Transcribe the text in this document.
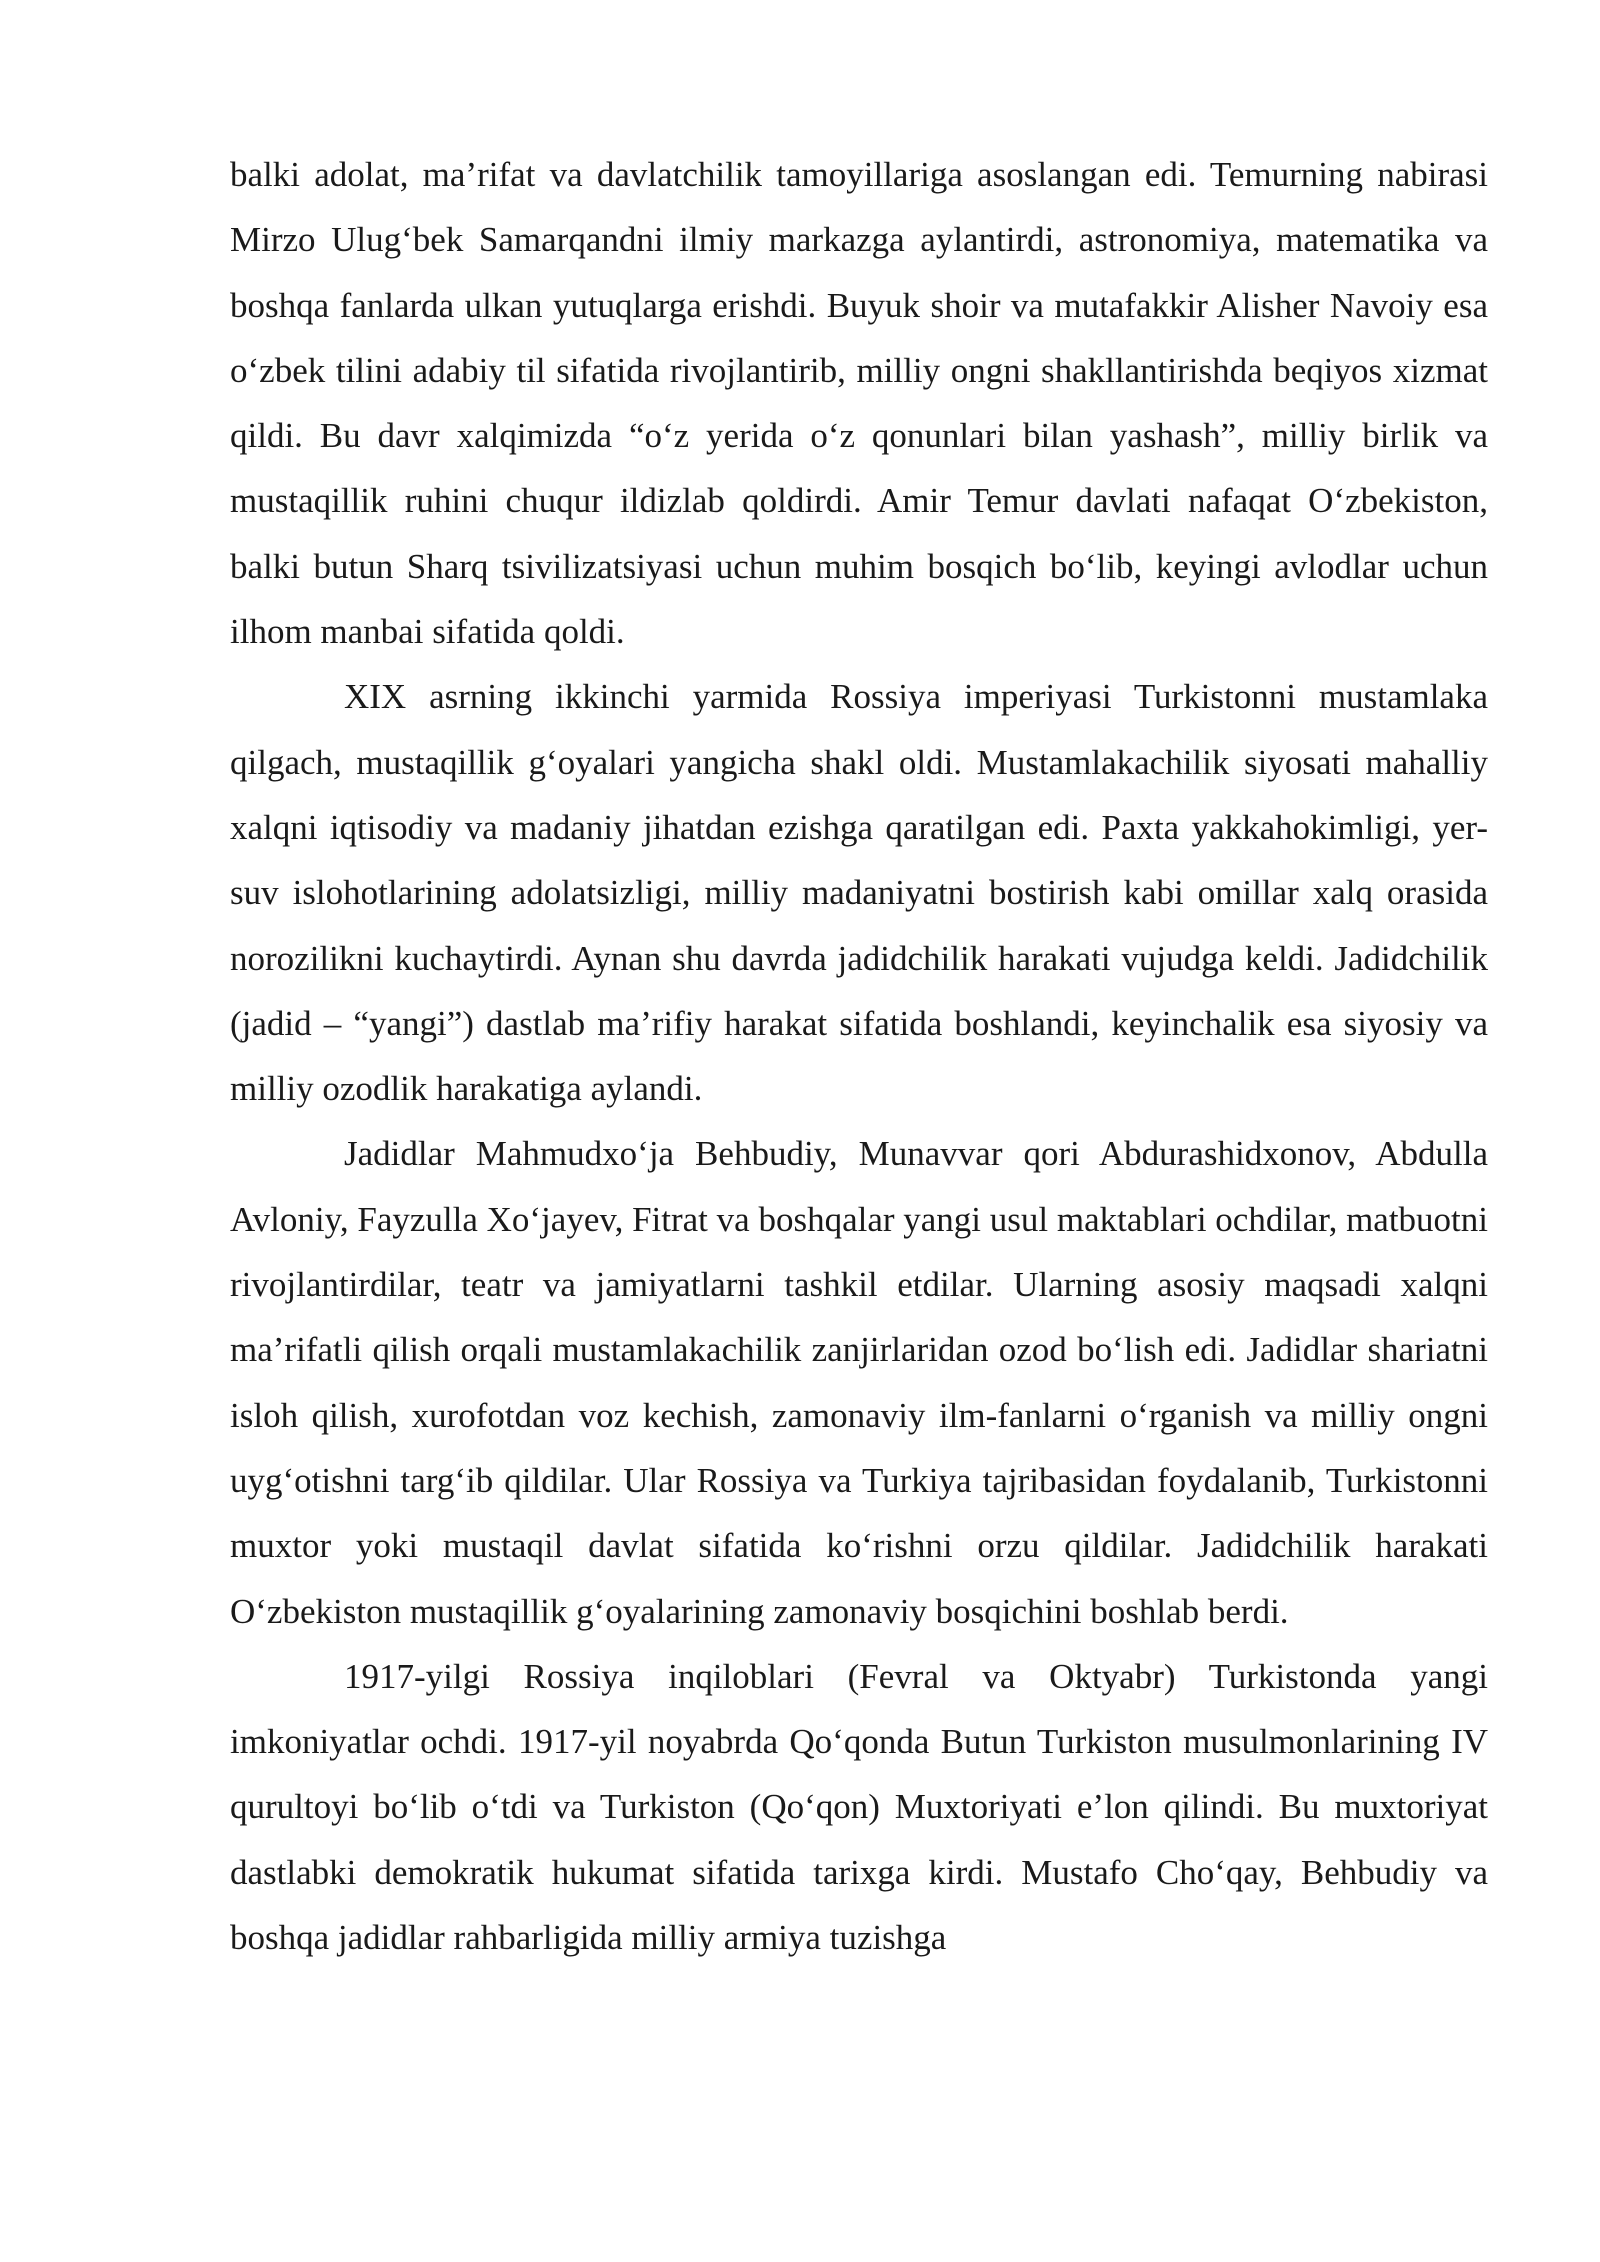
balki adolat, ma’rifat va davlatchilik tamoyillariga asoslangan edi. Temurning nabirasi Mirzo Ulug‘bek Samarqandni ilmiy markazga aylantirdi, astronomiya, matematika va boshqa fanlarda ulkan yutuqlarga erishdi. Buyuk shoir va mutafakkir Alisher Navoiy esa o‘zbek tilini adabiy til sifatida rivojlantirib, milliy ongni shakllantirishda beqiyos xizmat qildi. Bu davr xalqimizda “o‘z yerida o‘z qonunlari bilan yashash”, milliy birlik va mustaqillik ruhini chuqur ildizlab qoldirdi. Amir Temur davlati nafaqat O‘zbekiston, balki butun Sharq tsivilizatsiyasi uchun muhim bosqich bo‘lib, keyingi avlodlar uchun ilhom manbai sifatida qoldi.

XIX asrning ikkinchi yarmida Rossiya imperiyasi Turkistonni mustamlaka qilgach, mustaqillik g‘oyalari yangicha shakl oldi. Mustamlakachilik siyosati mahalliy xalqni iqtisodiy va madaniy jihatdan ezishga qaratilgan edi. Paxta yakkahokimligi, yer-suv islohotlarining adolatsizligi, milliy madaniyatni bostirish kabi omillar xalq orasida norozilikni kuchaytirdi. Aynan shu davrda jadidchilik harakati vujudga keldi. Jadidchilik (jadid – “yangi”) dastlab ma’rifiy harakat sifatida boshlandi, keyinchalik esa siyosiy va milliy ozodlik harakatiga aylandi.

Jadidlar Mahmudxo‘ja Behbudiy, Munavvar qori Abdurashidxonov, Abdulla Avloniy, Fayzulla Xo‘jayev, Fitrat va boshqalar yangi usul maktablari ochdilar, matbuotni rivojlantirdilar, teatr va jamiyatlarni tashkil etdilar. Ularning asosiy maqsadi xalqni ma’rifatli qilish orqali mustamlakachilik zanjirlaridan ozod bo‘lish edi. Jadidlar shariatni isloh qilish, xurofotdan voz kechish, zamonaviy ilm-fanlarni o‘rganish va milliy ongni uyg‘otishni targ‘ib qildilar. Ular Rossiya va Turkiya tajribasidan foydalanib, Turkistonni muxtor yoki mustaqil davlat sifatida ko‘rishni orzu qildilar. Jadidchilik harakati O‘zbekiston mustaqillik g‘oyalarining zamonaviy bosqichini boshlab berdi.

1917-yilgi Rossiya inqiloblari (Fevral va Oktyabr) Turkistonda yangi imkoniyatlar ochdi. 1917-yil noyabrda Qo‘qonda Butun Turkiston musulmonlarining IV qurultoyi bo‘lib o‘tdi va Turkiston (Qo‘qon) Muxtoriyati e’lon qilindi. Bu muxtoriyat dastlabki demokratik hukumat sifatida tarixga kirdi. Mustafo Cho‘qay, Behbudiy va boshqa jadidlar rahbarligida milliy armiya tuzishga
